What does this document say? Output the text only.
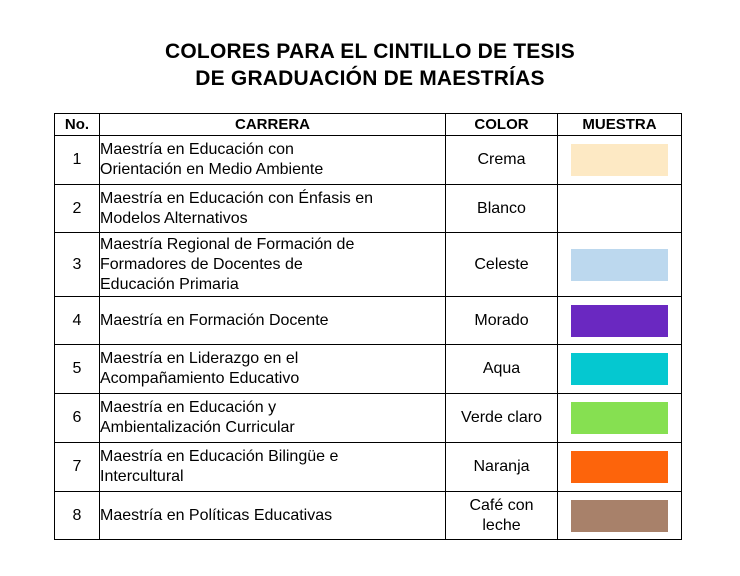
COLORES PARA EL CINTILLO DE TESIS
DE GRADUACIÓN DE MAESTRÍAS
No.	CARRERA	COLOR	MUESTRA
1	Maestría en Educación con
Orientación en Medio Ambiente	Crema	

2	Maestría en Educación con Énfasis en
Modelos Alternativos	Blanco	

3	Maestría Regional de Formación de
Formadores de Docentes de
Educación Primaria	Celeste	

4	Maestría en Formación Docente	Morado	

5	Maestría en Liderazgo en el
Acompañamiento Educativo	Aqua	

6	Maestría en Educación y
Ambientalización Curricular	Verde claro	

7	Maestría en Educación Bilingüe e
Intercultural	Naranja	

8	Maestría en Políticas Educativas	Café con
leche	
